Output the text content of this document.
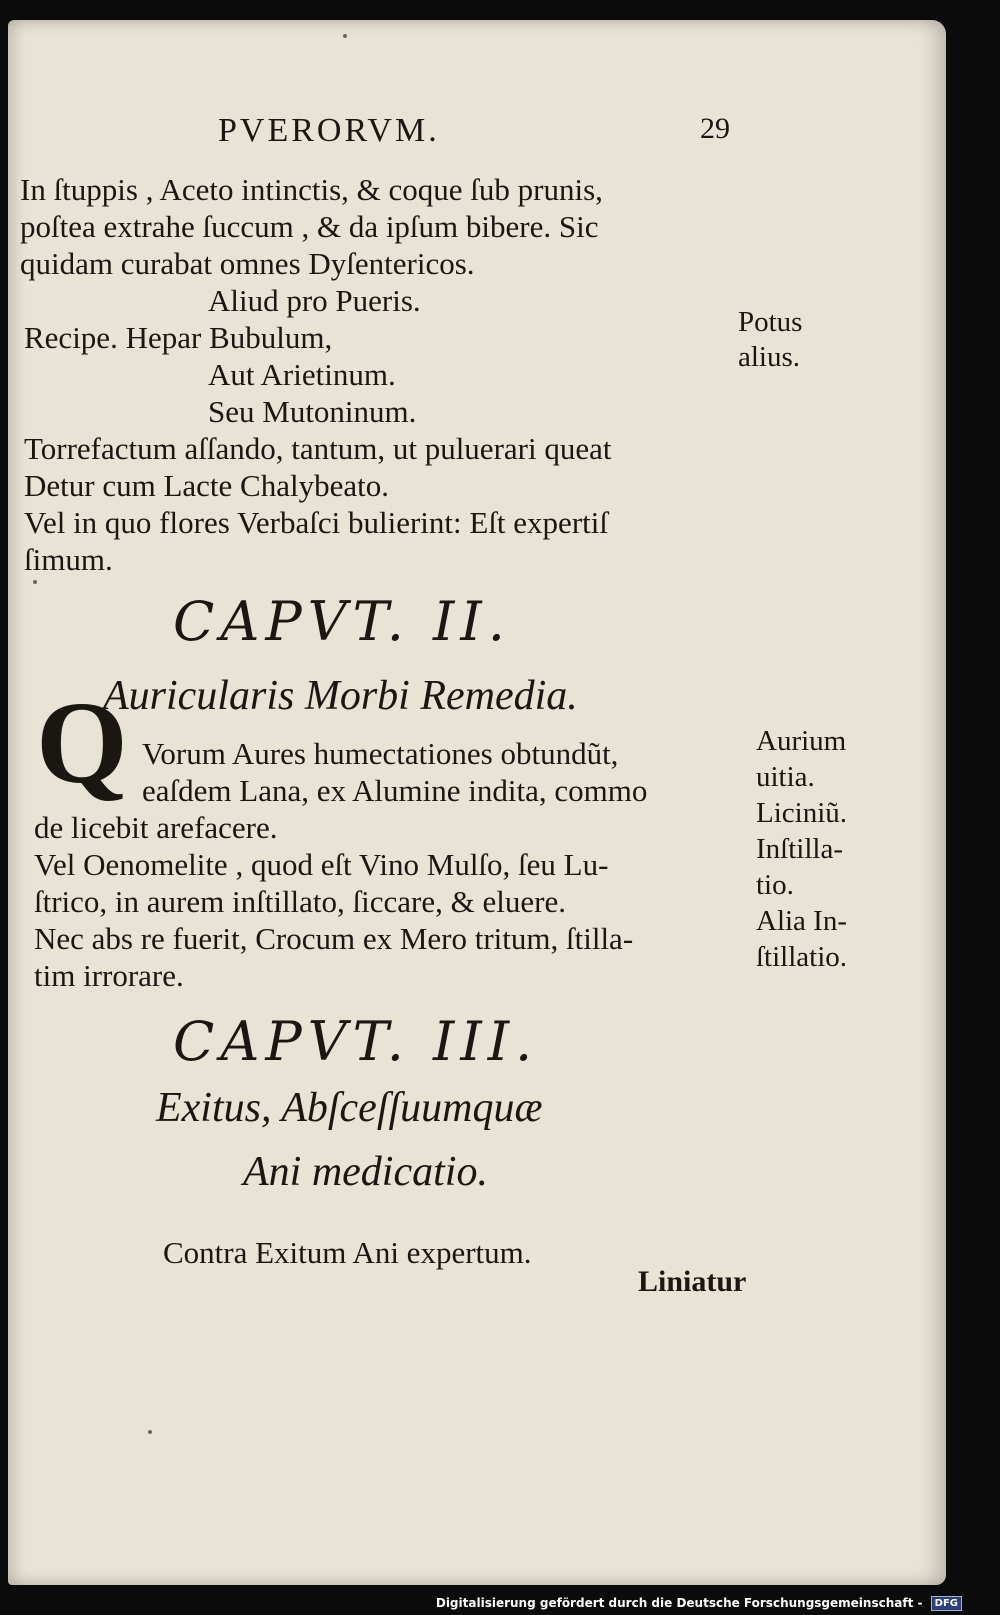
PVERORVM.	29
In ſtuppis , Aceto intinctis, & coque ſub prunis,
poſtea extrahe ſuccum , & da ipſum bibere. Sic
quidam curabat omnes Dyſentericos.
Aliud pro Pueris.
Recipe. Hepar Bubulum,
Aut Arietinum.
Seu Mutoninum.
Potus
alius.
Torrefactum aſſando, tantum, ut puluerari queat
Detur cum Lacte Chalybeato.
Vel in quo flores Verbaſci bulierint: Eſt expertiſ
ſimum.
CAPVT. II.
Auricularis Morbi Remedia.
Q Vorum Aures humectationes obtundũt,
eaſdem Lana, ex Alumine indita, commo
de licebit arefacere.
Vel Oenomelite , quod eſt Vino Mulſo, ſeu Lu-
ſtrico, in aurem inſtillato, ſiccare, & eluere.
Nec abs re fuerit, Crocum ex Mero tritum, ſtilla-
tim irrorare.
Aurium
uitia.
Liciniũ.
Inſtilla-
tio.
Alia In-
ſtillatio.
CAPVT. III.
Exitus, Abſceſſuumquæ
Ani medicatio.
Contra Exitum Ani expertum.
Liniatur
Digitalisierung gefördert durch die Deutsche Forschungsgemeinschaft - DFG
